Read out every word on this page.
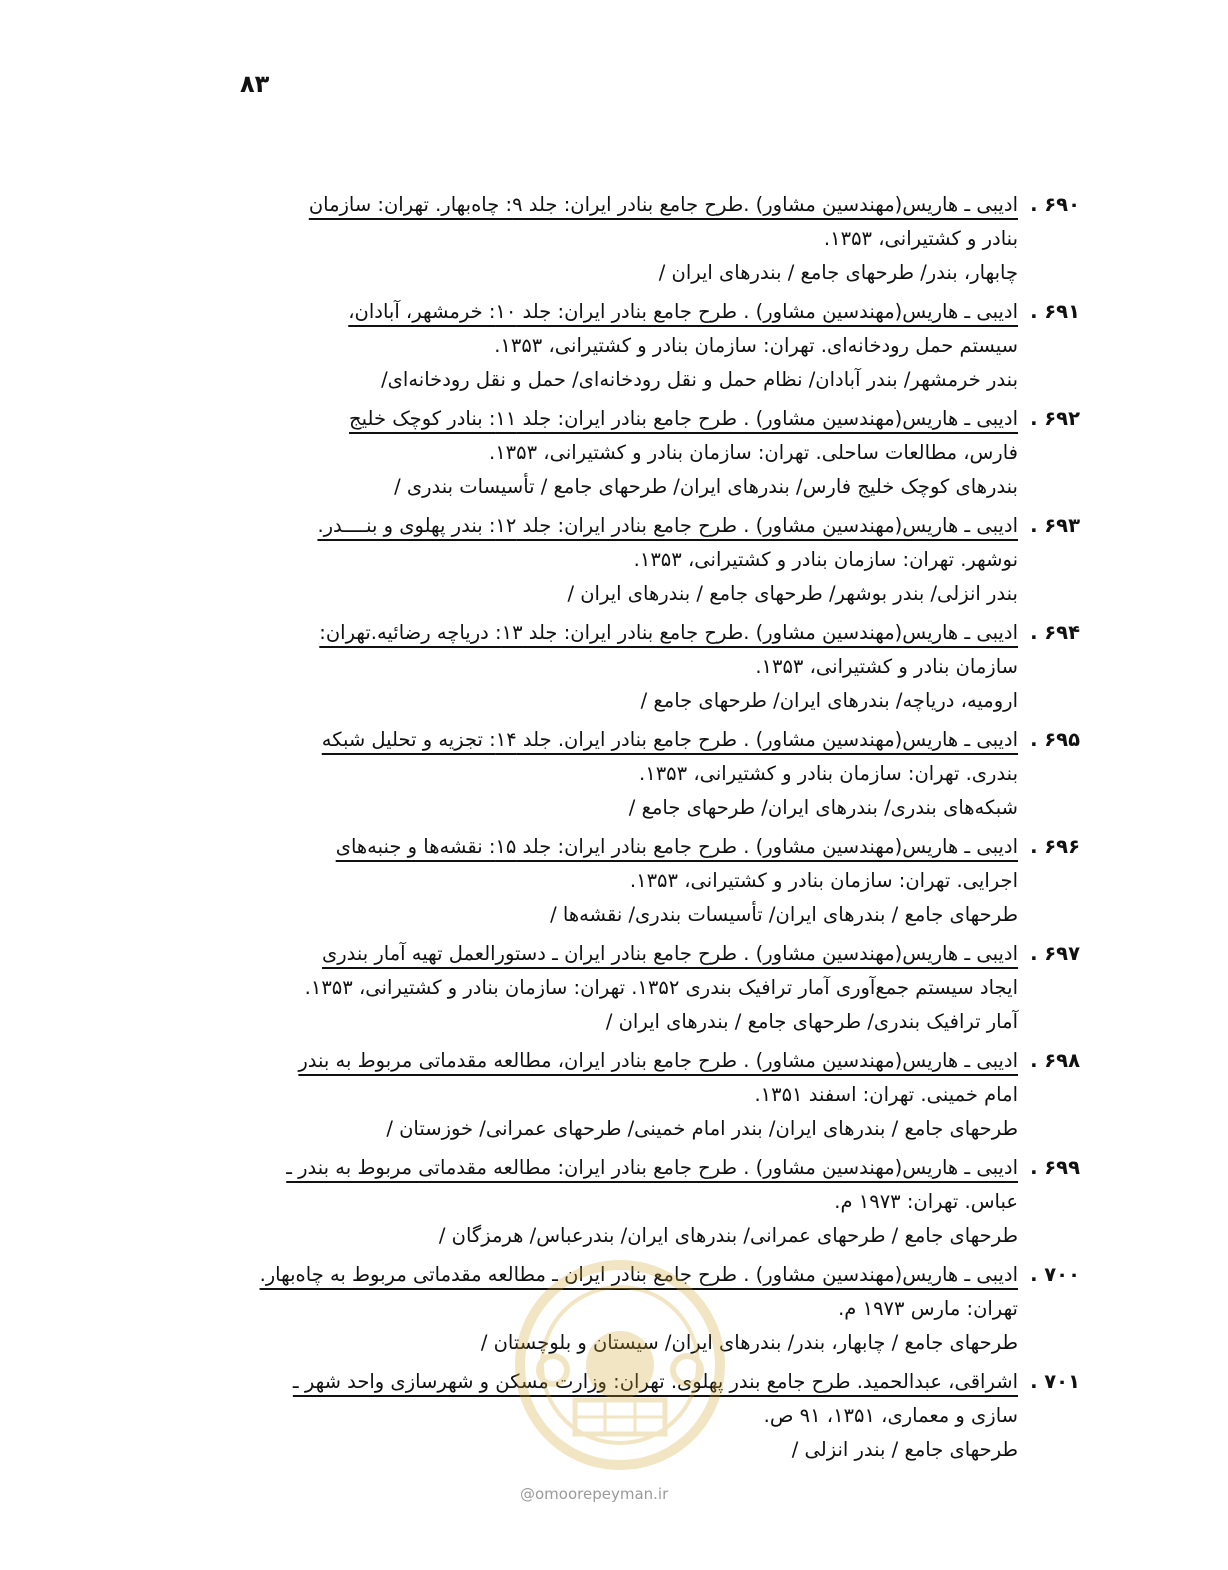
۸۳
۶۹۰ .ادیبی ـ هاریس(مهندسین مشاور) .طرح جامع بنادر ایران: جلد ۹: چاه‌بهار. تهران: سازمان
بنادر و کشتیرانی، ۱۳۵۳.
چابهار، بندر/ طرحهای جامع / بندرهای ایران /
۶۹۱ .ادیبی ـ هاریس(مهندسین مشاور) . طرح جامع بنادر ایران: جلد ۱۰: خرمشهر، آبادان،
سیستم حمل رودخانه‌ای. تهران: سازمان بنادر و کشتیرانی، ۱۳۵۳.
بندر خرمشهر/ بندر آبادان/ نظام حمل و نقل رودخانه‌ای/ حمل و نقل رودخانه‌ای/
۶۹۲ .ادیبی ـ هاریس(مهندسین مشاور) . طرح جامع بنادر ایران: جلد ۱۱: بنادر کوچک خلیج
فارس، مطالعات ساحلی. تهران: سازمان بنادر و کشتیرانی، ۱۳۵۳.
بندرهای کوچک خلیج فارس/ بندرهای ایران/ طرحهای جامع / تأسیسات بندری /
۶۹۳ .ادیبی ـ هاریس(مهندسین مشاور) . طرح جامع بنادر ایران: جلد ۱۲: بندر پهلوی و بنــــدر.
نوشهر. تهران: سازمان بنادر و کشتیرانی، ۱۳۵۳.
بندر انزلی/ بندر بوشهر/ طرحهای جامع / بندرهای ایران /
۶۹۴ .ادیبی ـ هاریس(مهندسین مشاور) .طرح جامع بنادر ایران: جلد ۱۳: دریاچه رضائیه.تهران:
سازمان بنادر و کشتیرانی، ۱۳۵۳.
ارومیه، دریاچه/ بندرهای ایران/ طرحهای جامع /
۶۹۵ .ادیبی ـ هاریس(مهندسین مشاور) . طرح جامع بنادر ایران. جلد ۱۴: تجزیه و تحلیل شبکه
بندری. تهران: سازمان بنادر و کشتیرانی، ۱۳۵۳.
شبکه‌های بندری/ بندرهای ایران/ طرحهای جامع /
۶۹۶ .ادیبی ـ هاریس(مهندسین مشاور) . طرح جامع بنادر ایران: جلد ۱۵: نقشه‌ها و جنبه‌های
اجرایی. تهران: سازمان بنادر و کشتیرانی، ۱۳۵۳.
طرحهای جامع / بندرهای ایران/ تأسیسات بندری/ نقشه‌ها /
۶۹۷ .ادیبی ـ هاریس(مهندسین مشاور) . طرح جامع بنادر ایران ـ دستورالعمل تهیه آمار بندری
ایجاد سیستم جمع‌آوری آمار ترافیک بندری ۱۳۵۲. تهران: سازمان بنادر و کشتیرانی، ۱۳۵۳.
آمار ترافیک بندری/ طرحهای جامع / بندرهای ایران /
۶۹۸ .ادیبی ـ هاریس(مهندسین مشاور) . طرح جامع بنادر ایران، مطالعه مقدماتی مربوط به بندر
امام خمینی. تهران: اسفند ۱۳۵۱.
طرحهای جامع / بندرهای ایران/ بندر امام خمینی/ طرحهای عمرانی/ خوزستان /
۶۹۹ .ادیبی ـ هاریس(مهندسین مشاور) . طرح جامع بنادر ایران: مطالعه مقدماتی مربوط به بندر ـ
عباس. تهران: ۱۹۷۳ م.
طرحهای جامع / طرحهای عمرانی/ بندرهای ایران/ بندرعباس/ هرمزگان /
۷۰۰ .ادیبی ـ هاریس(مهندسین مشاور) . طرح جامع بنادر ایران ـ مطالعه مقدماتی مربوط به چاه‌بهار.
تهران: مارس ۱۹۷۳ م.
طرحهای جامع / چابهار، بندر/ بندرهای ایران/ سیستان و بلوچستان /
۷۰۱ .اشراقی، عبدالحمید. طرح جامع بندر پهلوی. تهران: وزارت مسکن و شهرسازی واحد شهر ـ
سازی و معماری، ۱۳۵۱، ۹۱ ص.
طرحهای جامع / بندر انزلی /
@omoorepeyman.ir
